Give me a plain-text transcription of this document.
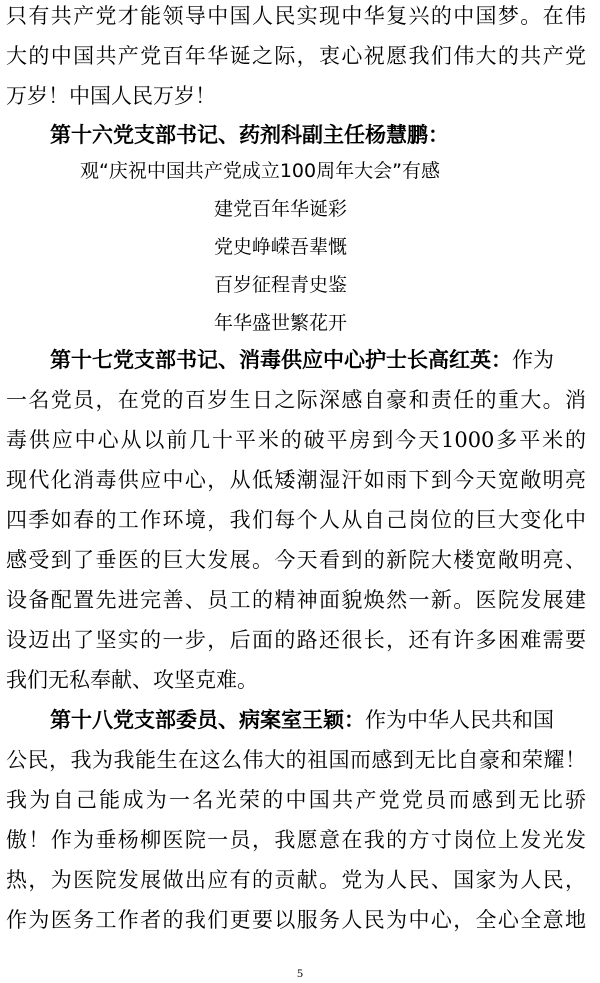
只有共产党才能领导中国人民实现中华复兴的中国梦。在伟
大的中国共产党百年华诞之际，衷心祝愿我们伟大的共产党
万岁！中国人民万岁！
第十六党支部书记、药剂科副主任杨慧鹏：
观“庆祝中国共产党成立100周年大会”有感
建党百年华诞彩
党史峥嵘吾辈慨
百岁征程青史鉴
年华盛世繁花开
第十七党支部书记、消毒供应中心护士长高红英：作为
一名党员，在党的百岁生日之际深感自豪和责任的重大。消
毒供应中心从以前几十平米的破平房到今天1000多平米的
现代化消毒供应中心，从低矮潮湿汗如雨下到今天宽敞明亮
四季如春的工作环境，我们每个人从自己岗位的巨大变化中
感受到了垂医的巨大发展。今天看到的新院大楼宽敞明亮、
设备配置先进完善、员工的精神面貌焕然一新。医院发展建
设迈出了坚实的一步，后面的路还很长，还有许多困难需要
我们无私奉献、攻坚克难。
第十八党支部委员、病案室王颖：作为中华人民共和国
公民，我为我能生在这么伟大的祖国而感到无比自豪和荣耀！
我为自己能成为一名光荣的中国共产党党员而感到无比骄
傲！作为垂杨柳医院一员，我愿意在我的方寸岗位上发光发
热，为医院发展做出应有的贡献。党为人民、国家为人民，
作为医务工作者的我们更要以服务人民为中心，全心全意地
5
